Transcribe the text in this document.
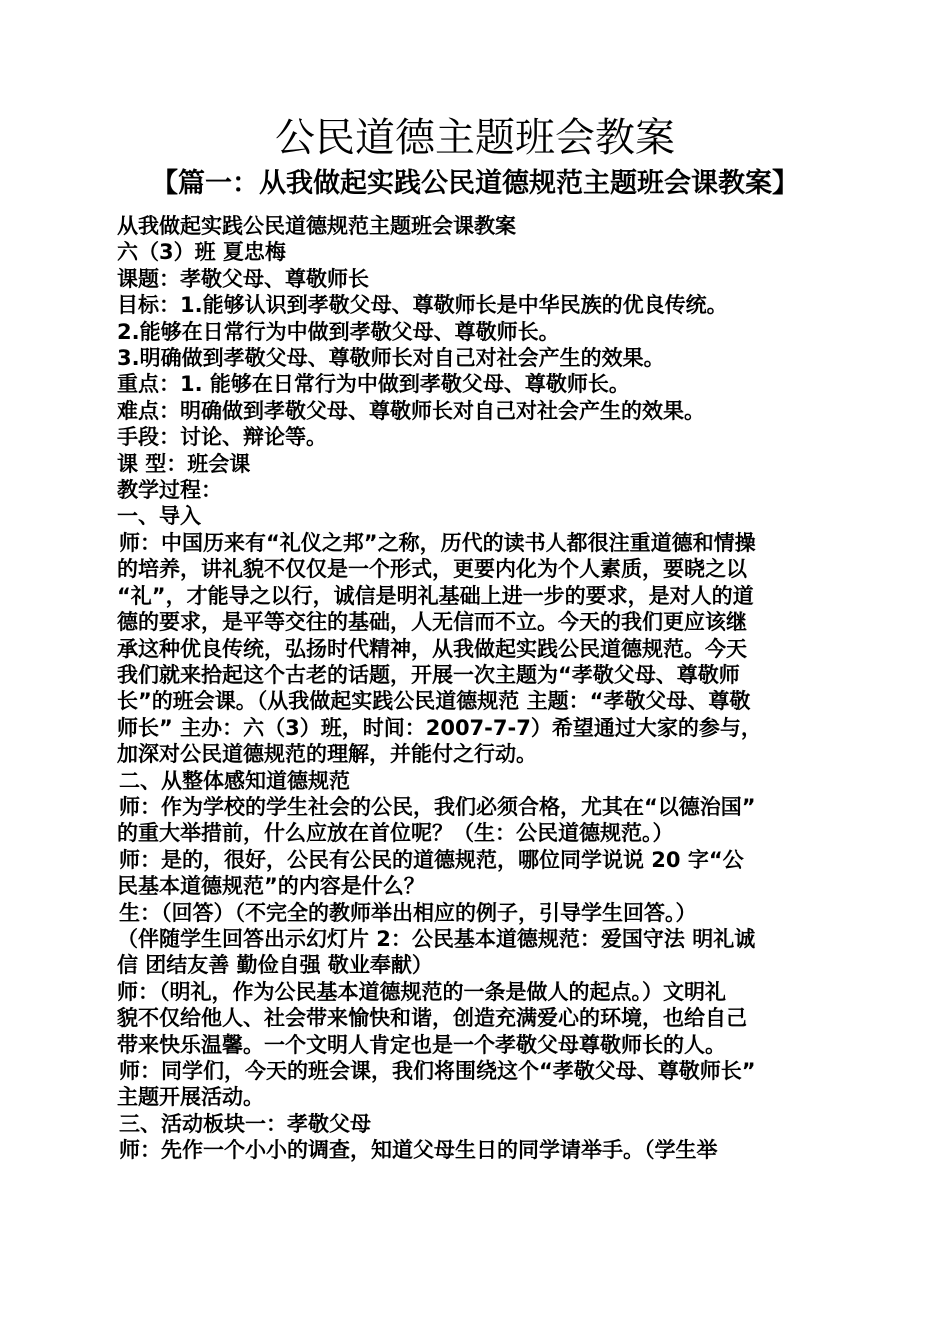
公民道德主题班会教案
【篇一：从我做起实践公民道德规范主题班会课教案】

从我做起实践公民道德规范主题班会课教案

六（3）班 夏忠梅

课题：孝敬父母、尊敬师长

目标：1.能够认识到孝敬父母、尊敬师长是中华民族的优良传统。

2.能够在日常行为中做到孝敬父母、尊敬师长。

3.明确做到孝敬父母、尊敬师长对自己对社会产生的效果。

重点：1. 能够在日常行为中做到孝敬父母、尊敬师长。

难点：明确做到孝敬父母、尊敬师长对自己对社会产生的效果。

手段：讨论、辩论等。

课 型：班会课

教学过程：

一、导入

师：中国历来有“礼仪之邦”之称，历代的读书人都很注重道德和情操

的培养，讲礼貌不仅仅是一个形式，更要内化为个人素质，要晓之以

“礼”，才能导之以行，诚信是明礼基础上进一步的要求，是对人的道

德的要求，是平等交往的基础，人无信而不立。今天的我们更应该继

承这种优良传统，弘扬时代精神，从我做起实践公民道德规范。今天

我们就来拾起这个古老的话题，开展一次主题为“孝敬父母、尊敬师

长”的班会课。（从我做起实践公民道德规范 主题：“孝敬父母、尊敬

师长” 主办：六（3）班，时间：2007-7-7）希望通过大家的参与，

加深对公民道德规范的理解，并能付之行动。

二、从整体感知道德规范

师：作为学校的学生社会的公民，我们必须合格，尤其在“以德治国”

的重大举措前，什么应放在首位呢？（生：公民道德规范。）

师：是的，很好，公民有公民的道德规范，哪位同学说说 20 字“公

民基本道德规范”的内容是什么？

生：（回答）（不完全的教师举出相应的例子，引导学生回答。）

（伴随学生回答出示幻灯片 2：公民基本道德规范：爱国守法 明礼诚

信 团结友善 勤俭自强 敬业奉献）

师：（明礼，作为公民基本道德规范的一条是做人的起点。）文明礼

貌不仅给他人、社会带来愉快和谐，创造充满爱心的环境，也给自己

带来快乐温馨。一个文明人肯定也是一个孝敬父母尊敬师长的人。

师：同学们，今天的班会课，我们将围绕这个“孝敬父母、尊敬师长”

主题开展活动。

三、活动板块一：孝敬父母

师：先作一个小小的调查，知道父母生日的同学请举手。（学生举
